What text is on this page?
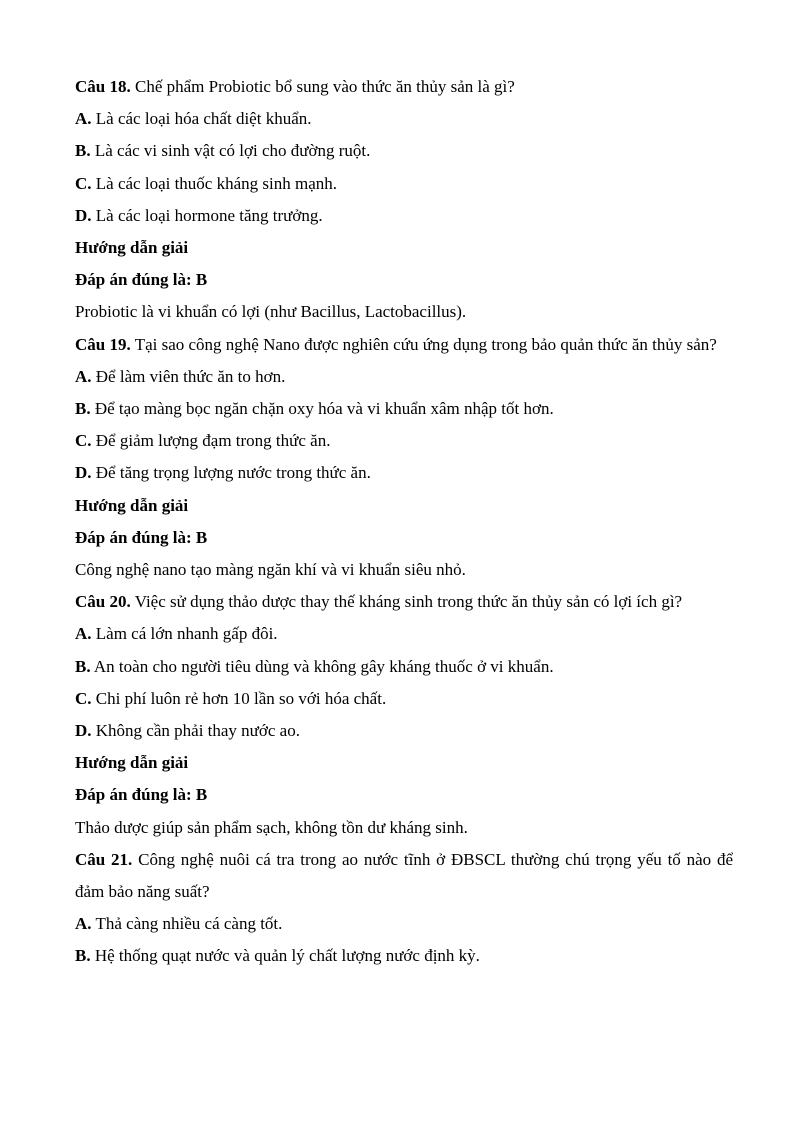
Câu 18. Chế phẩm Probiotic bổ sung vào thức ăn thủy sản là gì?

A. Là các loại hóa chất diệt khuẩn.

B. Là các vi sinh vật có lợi cho đường ruột.

C. Là các loại thuốc kháng sinh mạnh.

D. Là các loại hormone tăng trưởng.

Hướng dẫn giải

Đáp án đúng là: B

Probiotic là vi khuẩn có lợi (như Bacillus, Lactobacillus).

Câu 19. Tại sao công nghệ Nano được nghiên cứu ứng dụng trong bảo quản thức ăn thủy sản?

A. Để làm viên thức ăn to hơn.

B. Để tạo màng bọc ngăn chặn oxy hóa và vi khuẩn xâm nhập tốt hơn.

C. Để giảm lượng đạm trong thức ăn.

D. Để tăng trọng lượng nước trong thức ăn.

Hướng dẫn giải

Đáp án đúng là: B

Công nghệ nano tạo màng ngăn khí và vi khuẩn siêu nhỏ.

Câu 20. Việc sử dụng thảo dược thay thế kháng sinh trong thức ăn thủy sản có lợi ích gì?

A. Làm cá lớn nhanh gấp đôi.

B. An toàn cho người tiêu dùng và không gây kháng thuốc ở vi khuẩn.

C. Chi phí luôn rẻ hơn 10 lần so với hóa chất.

D. Không cần phải thay nước ao.

Hướng dẫn giải

Đáp án đúng là: B

Thảo dược giúp sản phẩm sạch, không tồn dư kháng sinh.

Câu 21. Công nghệ nuôi cá tra trong ao nước tĩnh ở ĐBSCL thường chú trọng yếu tố nào để đảm bảo năng suất?

A. Thả càng nhiều cá càng tốt.

B. Hệ thống quạt nước và quản lý chất lượng nước định kỳ.
